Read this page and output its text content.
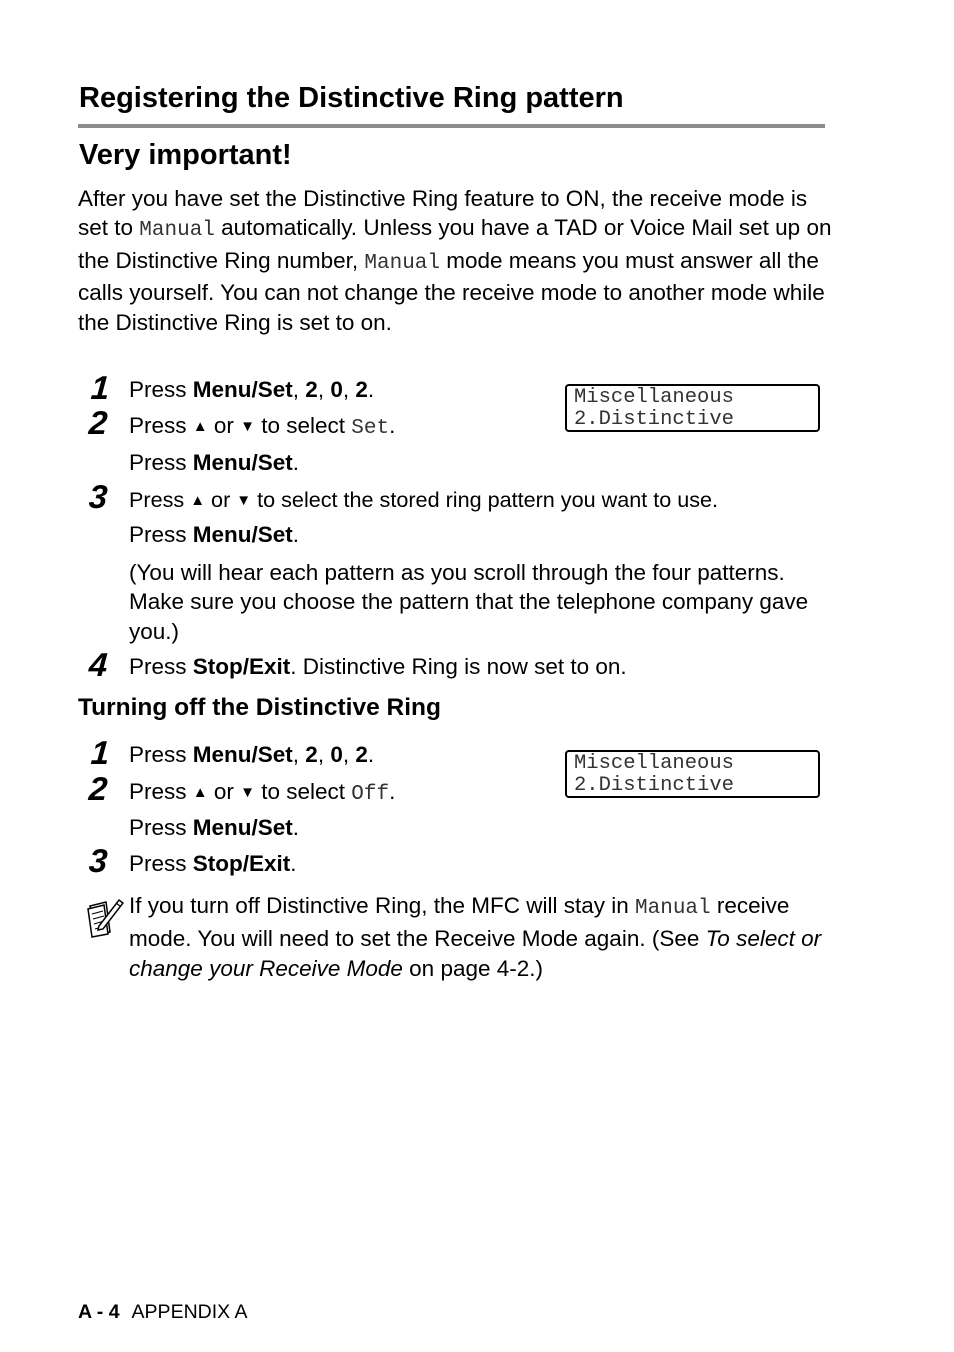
Registering the Distinctive Ring pattern
Very important!
After you have set the Distinctive Ring feature to ON, the receive mode is set to Manual automatically. Unless you have a TAD or Voice Mail set up on the Distinctive Ring number, Manual mode means you must answer all the calls yourself. You can not change the receive mode to another mode while the Distinctive Ring is set to on.
1 Press Menu/Set, 2, 0, 2.	Miscellaneous
2.Distinctive
2 Press ▲ or ▼ to select Set.
Press Menu/Set.
3 Press ▲ or ▼ to select the stored ring pattern you want to use.
Press Menu/Set.
(You will hear each pattern as you scroll through the four patterns. Make sure you choose the pattern that the telephone company gave you.)
4 Press Stop/Exit. Distinctive Ring is now set to on.
Turning off the Distinctive Ring
1 Press Menu/Set, 2, 0, 2.	Miscellaneous
2.Distinctive
2 Press ▲ or ▼ to select Off.
Press Menu/Set.
3 Press Stop/Exit.
If you turn off Distinctive Ring, the MFC will stay in Manual receive mode. You will need to set the Receive Mode again. (See To select or change your Receive Mode on page 4-2.)
A - 4 APPENDIX A
